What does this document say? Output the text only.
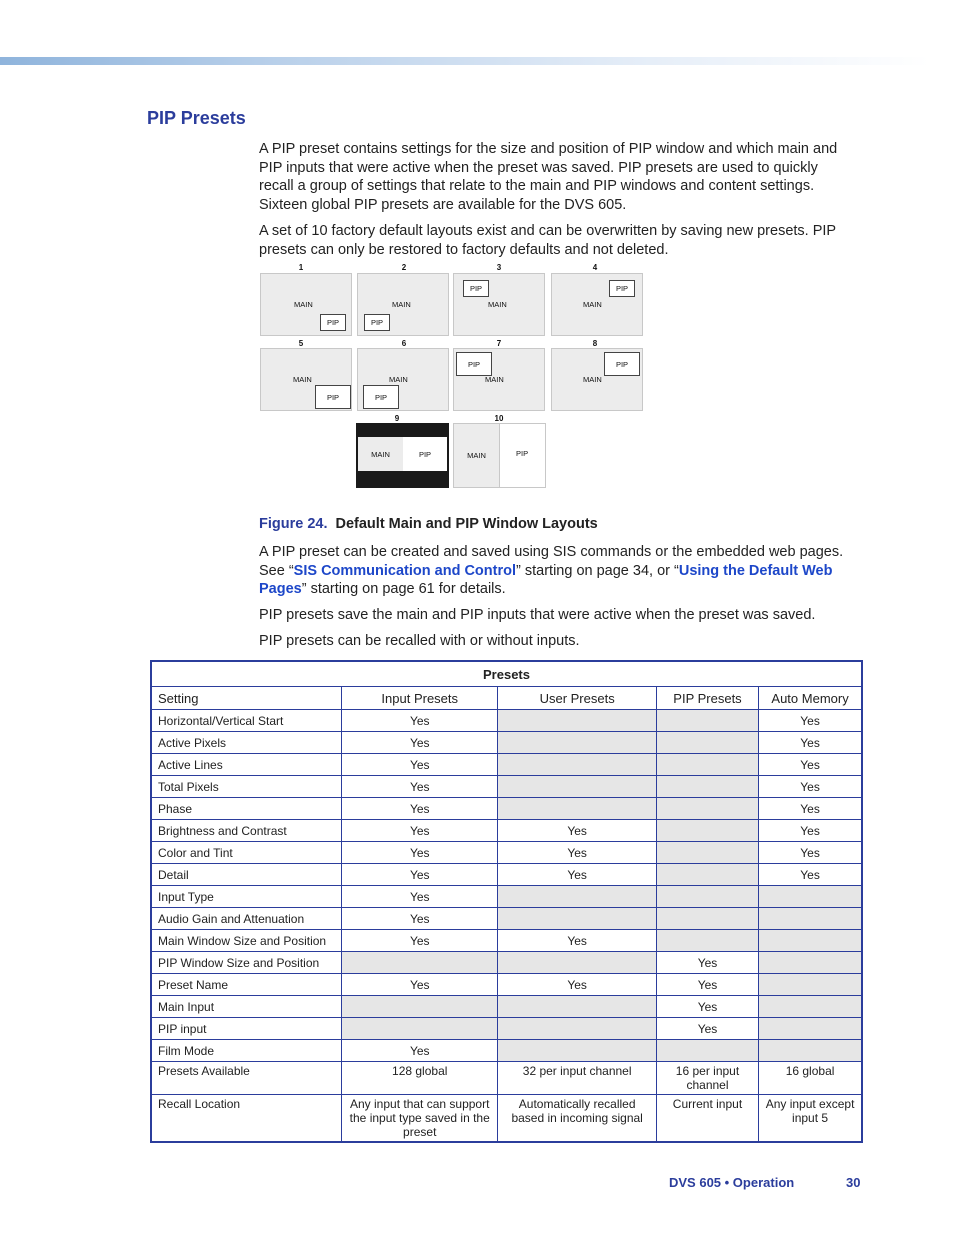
PIP Presets

A PIP preset contains settings for the size and position of PIP window and which main and PIP inputs that were active when the preset was saved. PIP presets are used to quickly recall a group of settings that relate to the main and PIP windows and content settings. Sixteen global PIP presets are available for the DVS 605.

A set of 10 factory default layouts exist and can be overwritten by saving new presets. PIP presets can only be restored to factory defaults and not deleted.

1	2	3	4
MAIN
PIP
MAIN
PIP
PIP
MAIN
PIP
MAIN
5	6	7	8
MAIN
PIP
MAIN
PIP
PIP
MAIN
PIP
MAIN
9	10
MAIN	PIP	MAIN	PIP
Figure 24. Default Main and PIP Window Layouts

A PIP preset can be created and saved using SIS commands or the embedded web pages. See “SIS Communication and Control” starting on page 34, or “Using the Default Web Pages” starting on page 61 for details.

PIP presets save the main and PIP inputs that were active when the preset was saved.

PIP presets can be recalled with or without inputs.

Presets				
Setting	Input Presets	User Presets	PIP Presets	Auto Memory
Horizontal/Vertical Start	Yes			Yes
Active Pixels	Yes			Yes
Active Lines	Yes			Yes
Total Pixels	Yes			Yes
Phase	Yes			Yes
Brightness and Contrast	Yes	Yes		Yes
Color and Tint	Yes	Yes		Yes
Detail	Yes	Yes		Yes
Input Type	Yes			
Audio Gain and Attenuation	Yes			
Main Window Size and Position	Yes	Yes		
PIP Window Size and Position			Yes	
Preset Name	Yes	Yes	Yes	
Main Input			Yes	
PIP input			Yes	
Film Mode	Yes			
Presets Available	128 global	32 per input channel	16 per input channel	16 global
Recall Location	Any input that can support the input type saved in the preset	Automatically recalled based in incoming signal	Current input	Any input except input 5
DVS 605 • Operation	30
